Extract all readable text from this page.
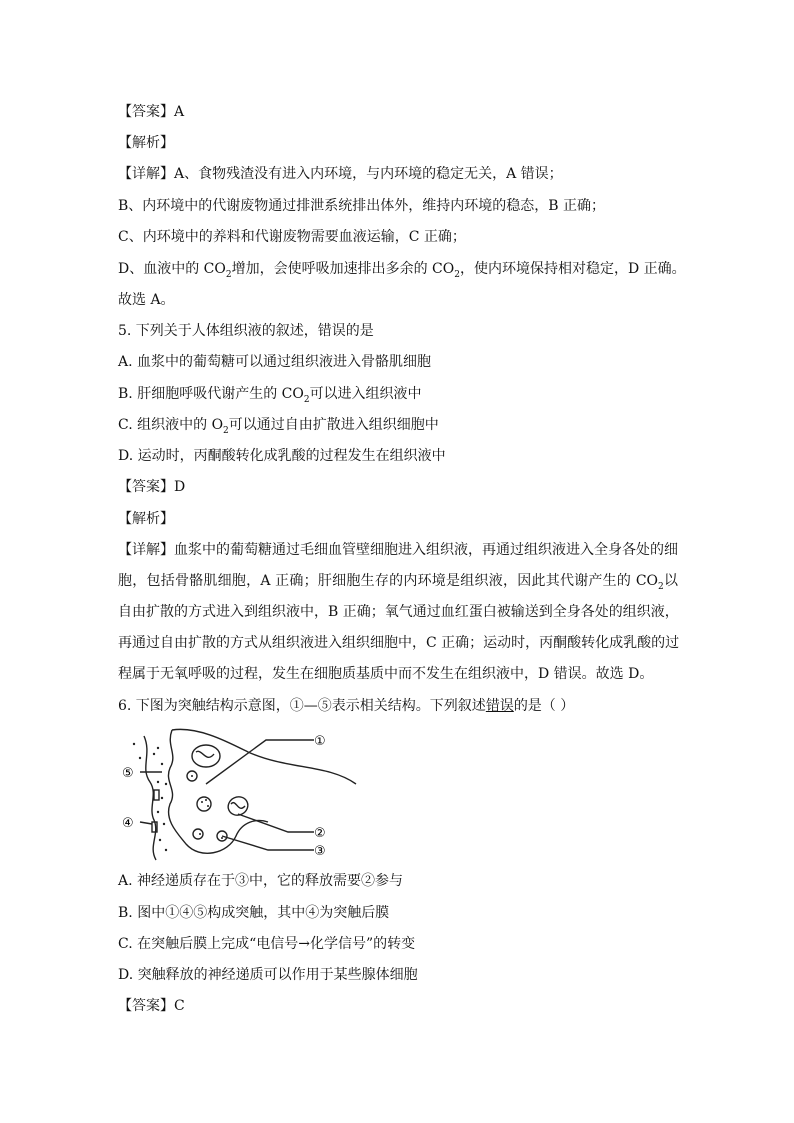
【答案】A
【解析】
【详解】A、食物残渣没有进入内环境，与内环境的稳定无关，A 错误；
B、内环境中的代谢废物通过排泄系统排出体外，维持内环境的稳态，B 正确；
C、内环境中的养料和代谢废物需要血液运输，C 正确；
D、血液中的 $CO_2$增加，会使呼吸加速排出多余的 $CO_2$，使内环境保持相对稳定，D 正确。
故选 A。
5. 下列关于人体组织液的叙述，错误的是
A. 血浆中的葡萄糖可以通过组织液进入骨骼肌细胞
B. 肝细胞呼吸代谢产生的 $CO_2$可以进入组织液中
C. 组织液中的 $O_2$可以通过自由扩散进入组织细胞中
D. 运动时，丙酮酸转化成乳酸的过程发生在组织液中
【答案】D
【解析】
【详解】血浆中的葡萄糖通过毛细血管壁细胞进入组织液，再通过组织液进入全身各处的细
胞，包括骨骼肌细胞，A 正确；肝细胞生存的内环境是组织液，因此其代谢产生的 $CO_2$以
自由扩散的方式进入到组织液中，B 正确；氧气通过血红蛋白被输送到全身各处的组织液，
再通过自由扩散的方式从组织液进入组织细胞中，C 正确；运动时，丙酮酸转化成乳酸的过
程属于无氧呼吸的过程，发生在细胞质基质中而不发生在组织液中，D 错误。故选 D。
6. 下图为突触结构示意图，①—⑤表示相关结构。下列叙述错误的是（ ）
①
②
③
④
⑤
A. 神经递质存在于③中，它的释放需要②参与
B. 图中①④⑤构成突触，其中④为突触后膜
C. 在突触后膜上完成“电信号→化学信号”的转变
D. 突触释放的神经递质可以作用于某些腺体细胞
【答案】C
